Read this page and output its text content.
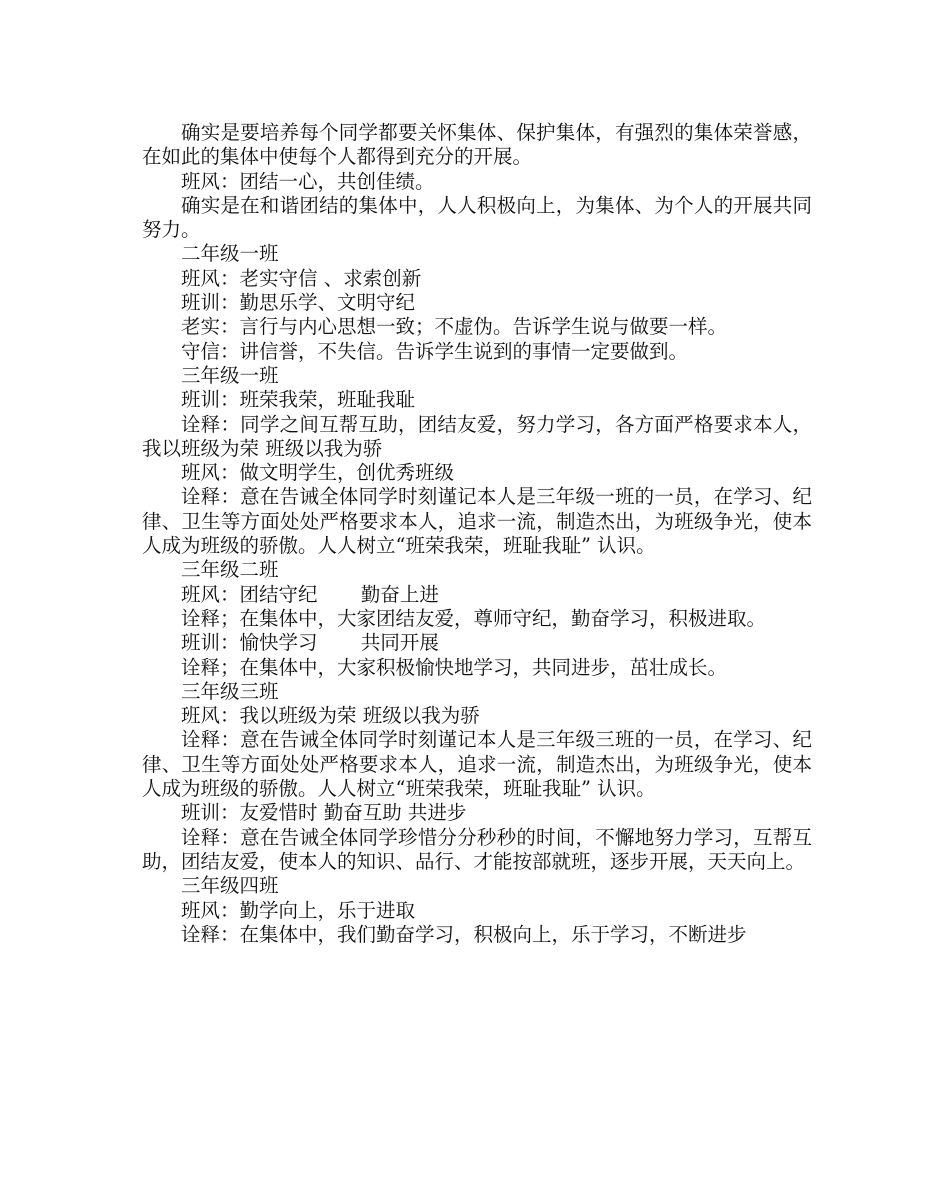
确实是要培养每个同学都要关怀集体、保护集体，有强烈的集体荣誉感，在如此的集体中使每个人都得到充分的开展。

班风：团结一心，共创佳绩。

确实是在和谐团结的集体中，人人积极向上，为集体、为个人的开展共同努力。

二年级一班

班风：老实守信 、求索创新

班训：勤思乐学、文明守纪

老实：言行与内心思想一致；不虚伪。告诉学生说与做要一样。

守信：讲信誉，不失信。告诉学生说到的事情一定要做到。

三年级一班

班训：班荣我荣，班耻我耻

诠释：同学之间互帮互助，团结友爱，努力学习，各方面严格要求本人，我以班级为荣 班级以我为骄

班风：做文明学生，创优秀班级

诠释：意在告诫全体同学时刻谨记本人是三年级一班的一员，在学习、纪律、卫生等方面处处严格要求本人，追求一流，制造杰出，为班级争光，使本人成为班级的骄傲。人人树立“班荣我荣，班耻我耻” 认识。

三年级二班

班风：团结守纪       勤奋上进

诠释；在集体中，大家团结友爱，尊师守纪，勤奋学习，积极进取。

班训：愉快学习       共同开展

诠释；在集体中，大家积极愉快地学习，共同进步，茁壮成长。

三年级三班

班风：我以班级为荣 班级以我为骄

诠释：意在告诫全体同学时刻谨记本人是三年级三班的一员，在学习、纪律、卫生等方面处处严格要求本人，追求一流，制造杰出，为班级争光，使本人成为班级的骄傲。人人树立“班荣我荣，班耻我耻” 认识。

班训：友爱惜时 勤奋互助 共进步

诠释：意在告诫全体同学珍惜分分秒秒的时间，不懈地努力学习，互帮互助，团结友爱，使本人的知识、品行、才能按部就班，逐步开展，天天向上。

三年级四班

班风：勤学向上，乐于进取

诠释：在集体中，我们勤奋学习，积极向上，乐于学习，不断进步
